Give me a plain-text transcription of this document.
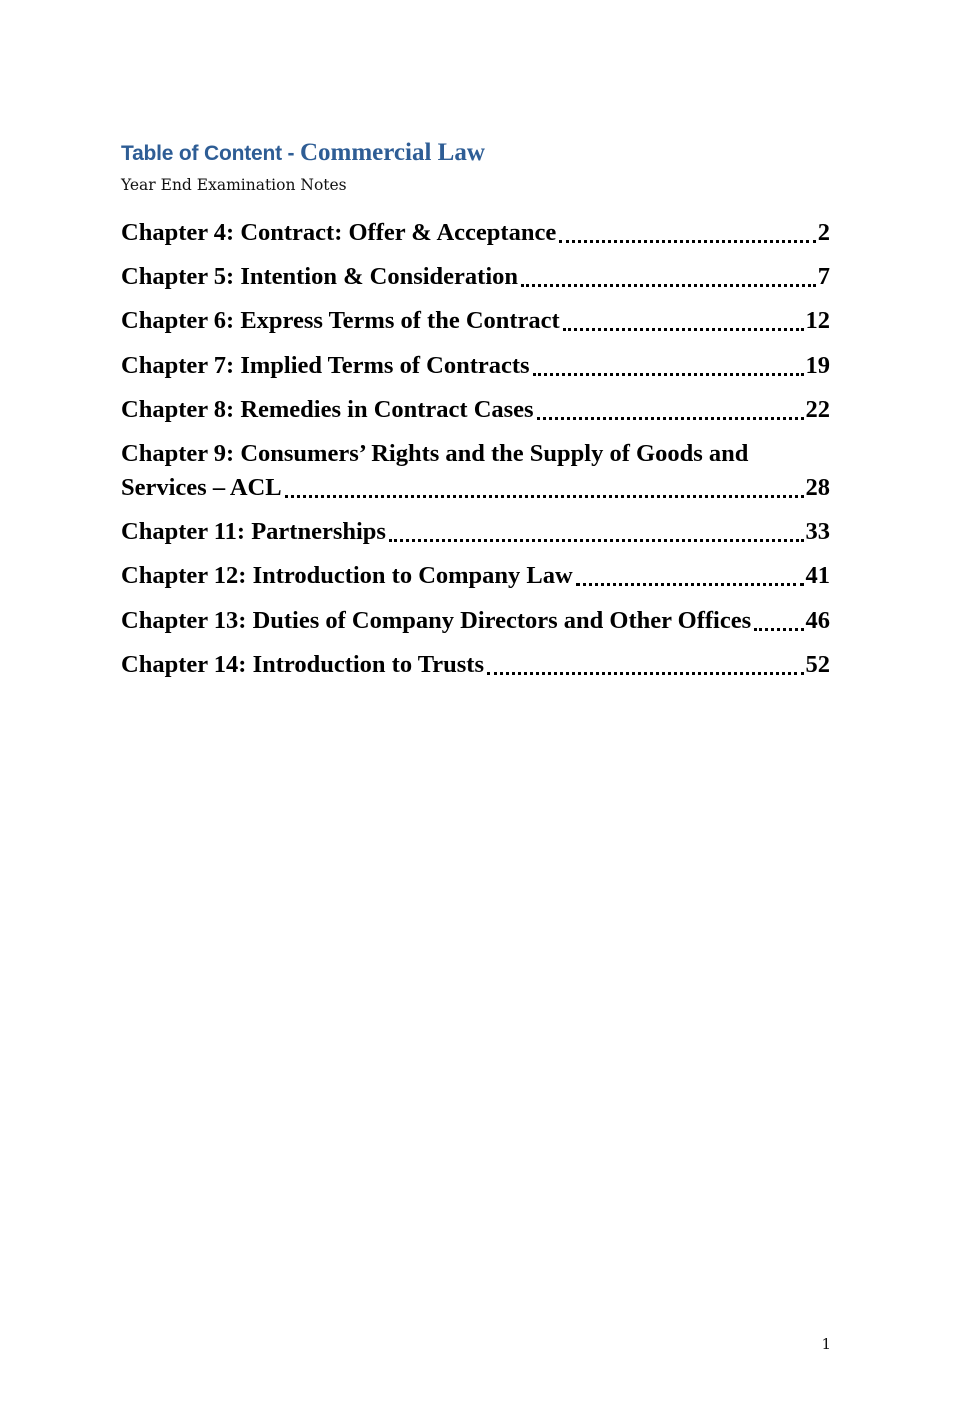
Table of Content - Commercial Law
Year End Examination Notes
Chapter 4: Contract: Offer & Acceptance	2
Chapter 5: Intention & Consideration	7
Chapter 6: Express Terms of the Contract	12
Chapter 7: Implied Terms of Contracts	19
Chapter 8: Remedies in Contract Cases	22
Chapter 9: Consumers’ Rights and the Supply of Goods and
Services – ACL	28
Chapter 11: Partnerships	33
Chapter 12: Introduction to Company Law	41
Chapter 13: Duties of Company Directors and Other Offices 46
Chapter 14: Introduction to Trusts	52
1
